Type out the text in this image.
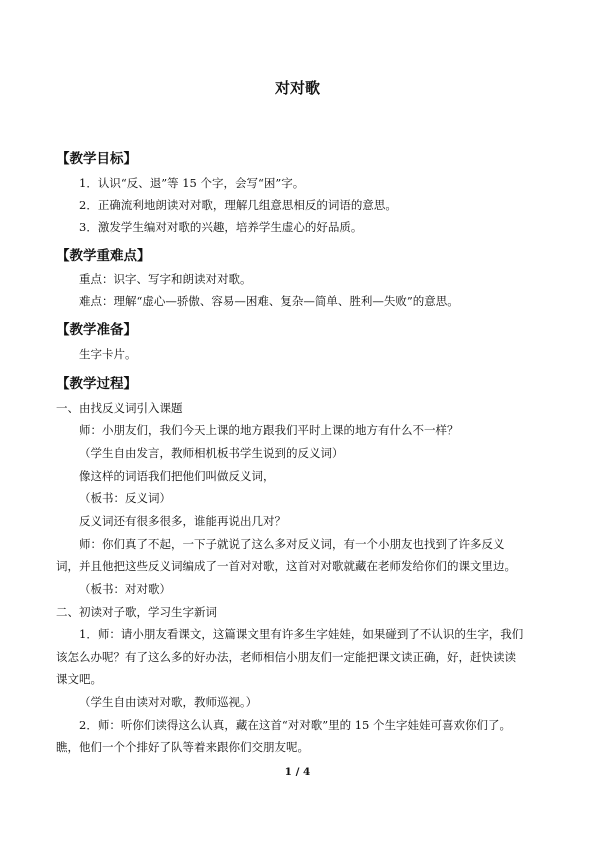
对对歌
【教学目标】
1．认识“反、退”等 15 个字，会写“困”字。
2．正确流利地朗读对对歌，理解几组意思相反的词语的意思。
3．激发学生编对对歌的兴趣，培养学生虚心的好品质。
【教学重难点】
重点：识字、写字和朗读对对歌。
难点：理解“虚心—骄傲、容易—困难、复杂—简单、胜利—失败”的意思。
【教学准备】
生字卡片。
【教学过程】
一、由找反义词引入课题
师：小朋友们，我们今天上课的地方跟我们平时上课的地方有什么不一样？
（学生自由发言，教师相机板书学生说到的反义词）
像这样的词语我们把他们叫做反义词，
（板书：反义词）
反义词还有很多很多，谁能再说出几对？
师：你们真了不起，一下子就说了这么多对反义词，有一个小朋友也找到了许多反义
词，并且他把这些反义词编成了一首对对歌，这首对对歌就藏在老师发给你们的课文里边。
（板书：对对歌）
二、初读对子歌，学习生字新词
1．师：请小朋友看课文，这篇课文里有许多生字娃娃，如果碰到了不认识的生字，我们
该怎么办呢？有了这么多的好办法，老师相信小朋友们一定能把课文读正确，好，赶快读读
课文吧。
（学生自由读对对歌，教师巡视。）
2．师：听你们读得这么认真，藏在这首“对对歌”里的 15 个生字娃娃可喜欢你们了。
瞧，他们一个个排好了队等着来跟你们交朋友呢。
1 / 4
